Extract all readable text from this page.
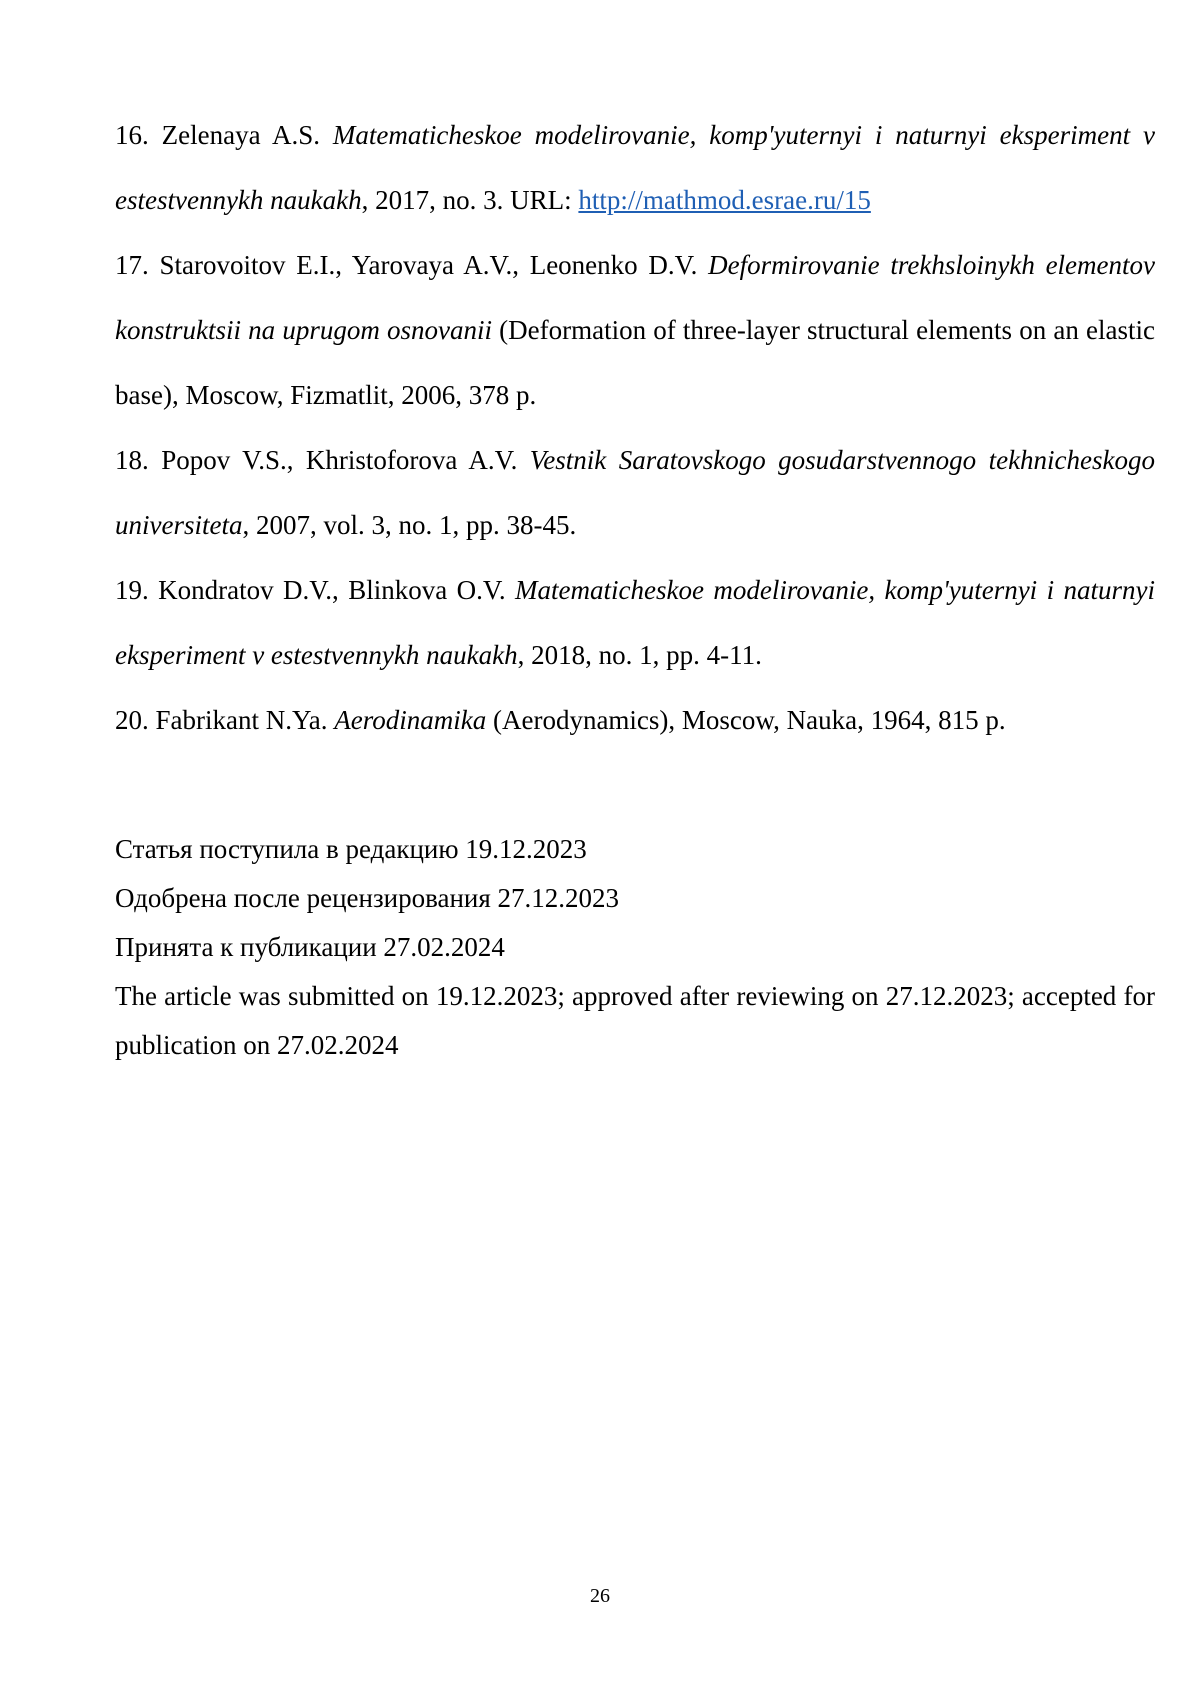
16. Zelenaya A.S. Matematicheskoe modelirovanie, komp'yuternyi i naturnyi eksperiment v estestvennykh naukakh, 2017, no. 3. URL: http://mathmod.esrae.ru/15

17. Starovoitov E.I., Yarovaya A.V., Leonenko D.V. Deformirovanie trekhsloinykh elementov konstruktsii na uprugom osnovanii (Deformation of three-layer structural elements on an elastic base), Moscow, Fizmatlit, 2006, 378 p.

18. Popov V.S., Khristoforova A.V. Vestnik Saratovskogo gosudarstvennogo tekhnicheskogo universiteta, 2007, vol. 3, no. 1, pp. 38-45.

19. Kondratov D.V., Blinkova O.V. Matematicheskoe modelirovanie, komp'yuternyi i naturnyi eksperiment v estestvennykh naukakh, 2018, no. 1, pp. 4-11.

20. Fabrikant N.Ya. Aerodinamika (Aerodynamics), Moscow, Nauka, 1964, 815 p.

Статья поступила в редакцию 19.12.2023

Одобрена после рецензирования 27.12.2023

Принята к публикации 27.02.2024

The article was submitted on 19.12.2023; approved after reviewing on 27.12.2023; accepted for publication on 27.02.2024

26
